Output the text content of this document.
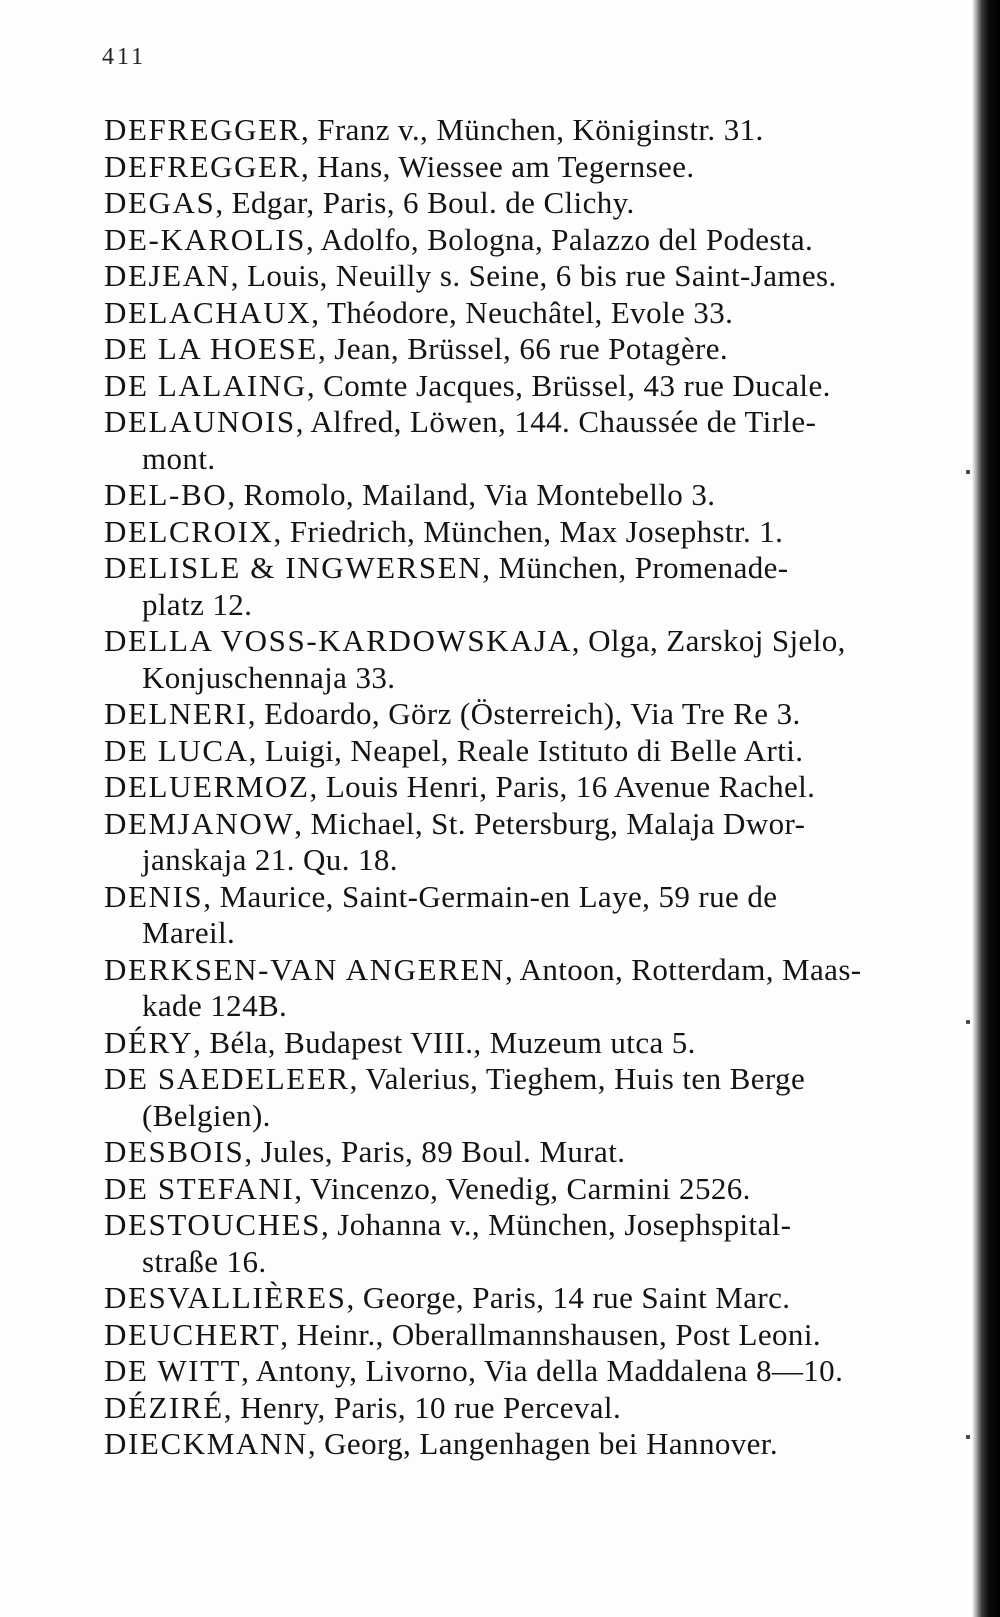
411

DEFREGGER, Franz v., München, Königinstr. 31.

DEFREGGER, Hans, Wiessee am Tegernsee.

DEGAS, Edgar, Paris, 6 Boul. de Clichy.

DE-KAROLIS, Adolfo, Bologna, Palazzo del Podesta.

DEJEAN, Louis, Neuilly s. Seine, 6 bis rue Saint-James.

DELACHAUX, Théodore, Neuchâtel, Evole 33.

DE LA HOESE, Jean, Brüssel, 66 rue Potagère.

DE LALAING, Comte Jacques, Brüssel, 43 rue Ducale.

DELAUNOIS, Alfred, Löwen, 144. Chaussée de Tirle-
mont.

DEL-BO, Romolo, Mailand, Via Montebello 3.

DELCROIX, Friedrich, München, Max Josephstr. 1.

DELISLE & INGWERSEN, München, Promenade-
platz 12.

DELLA VOSS-KARDOWSKAJA, Olga, Zarskoj Sjelo,
Konjuschennaja 33.

DELNERI, Edoardo, Görz (Österreich), Via Tre Re 3.

DE LUCA, Luigi, Neapel, Reale Istituto di Belle Arti.

DELUERMOZ, Louis Henri, Paris, 16 Avenue Rachel.

DEMJANOW, Michael, St. Petersburg, Malaja Dwor-
janskaja 21. Qu. 18.

DENIS, Maurice, Saint-Germain-en Laye, 59 rue de
Mareil.

DERKSEN-VAN ANGEREN, Antoon, Rotterdam, Maas-
kade 124B.

DÉRY, Béla, Budapest VIII., Muzeum utca 5.

DE SAEDELEER, Valerius, Tieghem, Huis ten Berge
(Belgien).

DESBOIS, Jules, Paris, 89 Boul. Murat.

DE STEFANI, Vincenzo, Venedig, Carmini 2526.

DESTOUCHES, Johanna v., München, Josephspital-
straße 16.

DESVALLIÈRES, George, Paris, 14 rue Saint Marc.

DEUCHERT, Heinr., Oberallmannshausen, Post Leoni.

DE WITT, Antony, Livorno, Via della Maddalena 8—10.

DÉZIRÉ, Henry, Paris, 10 rue Perceval.

DIECKMANN, Georg, Langenhagen bei Hannover.
